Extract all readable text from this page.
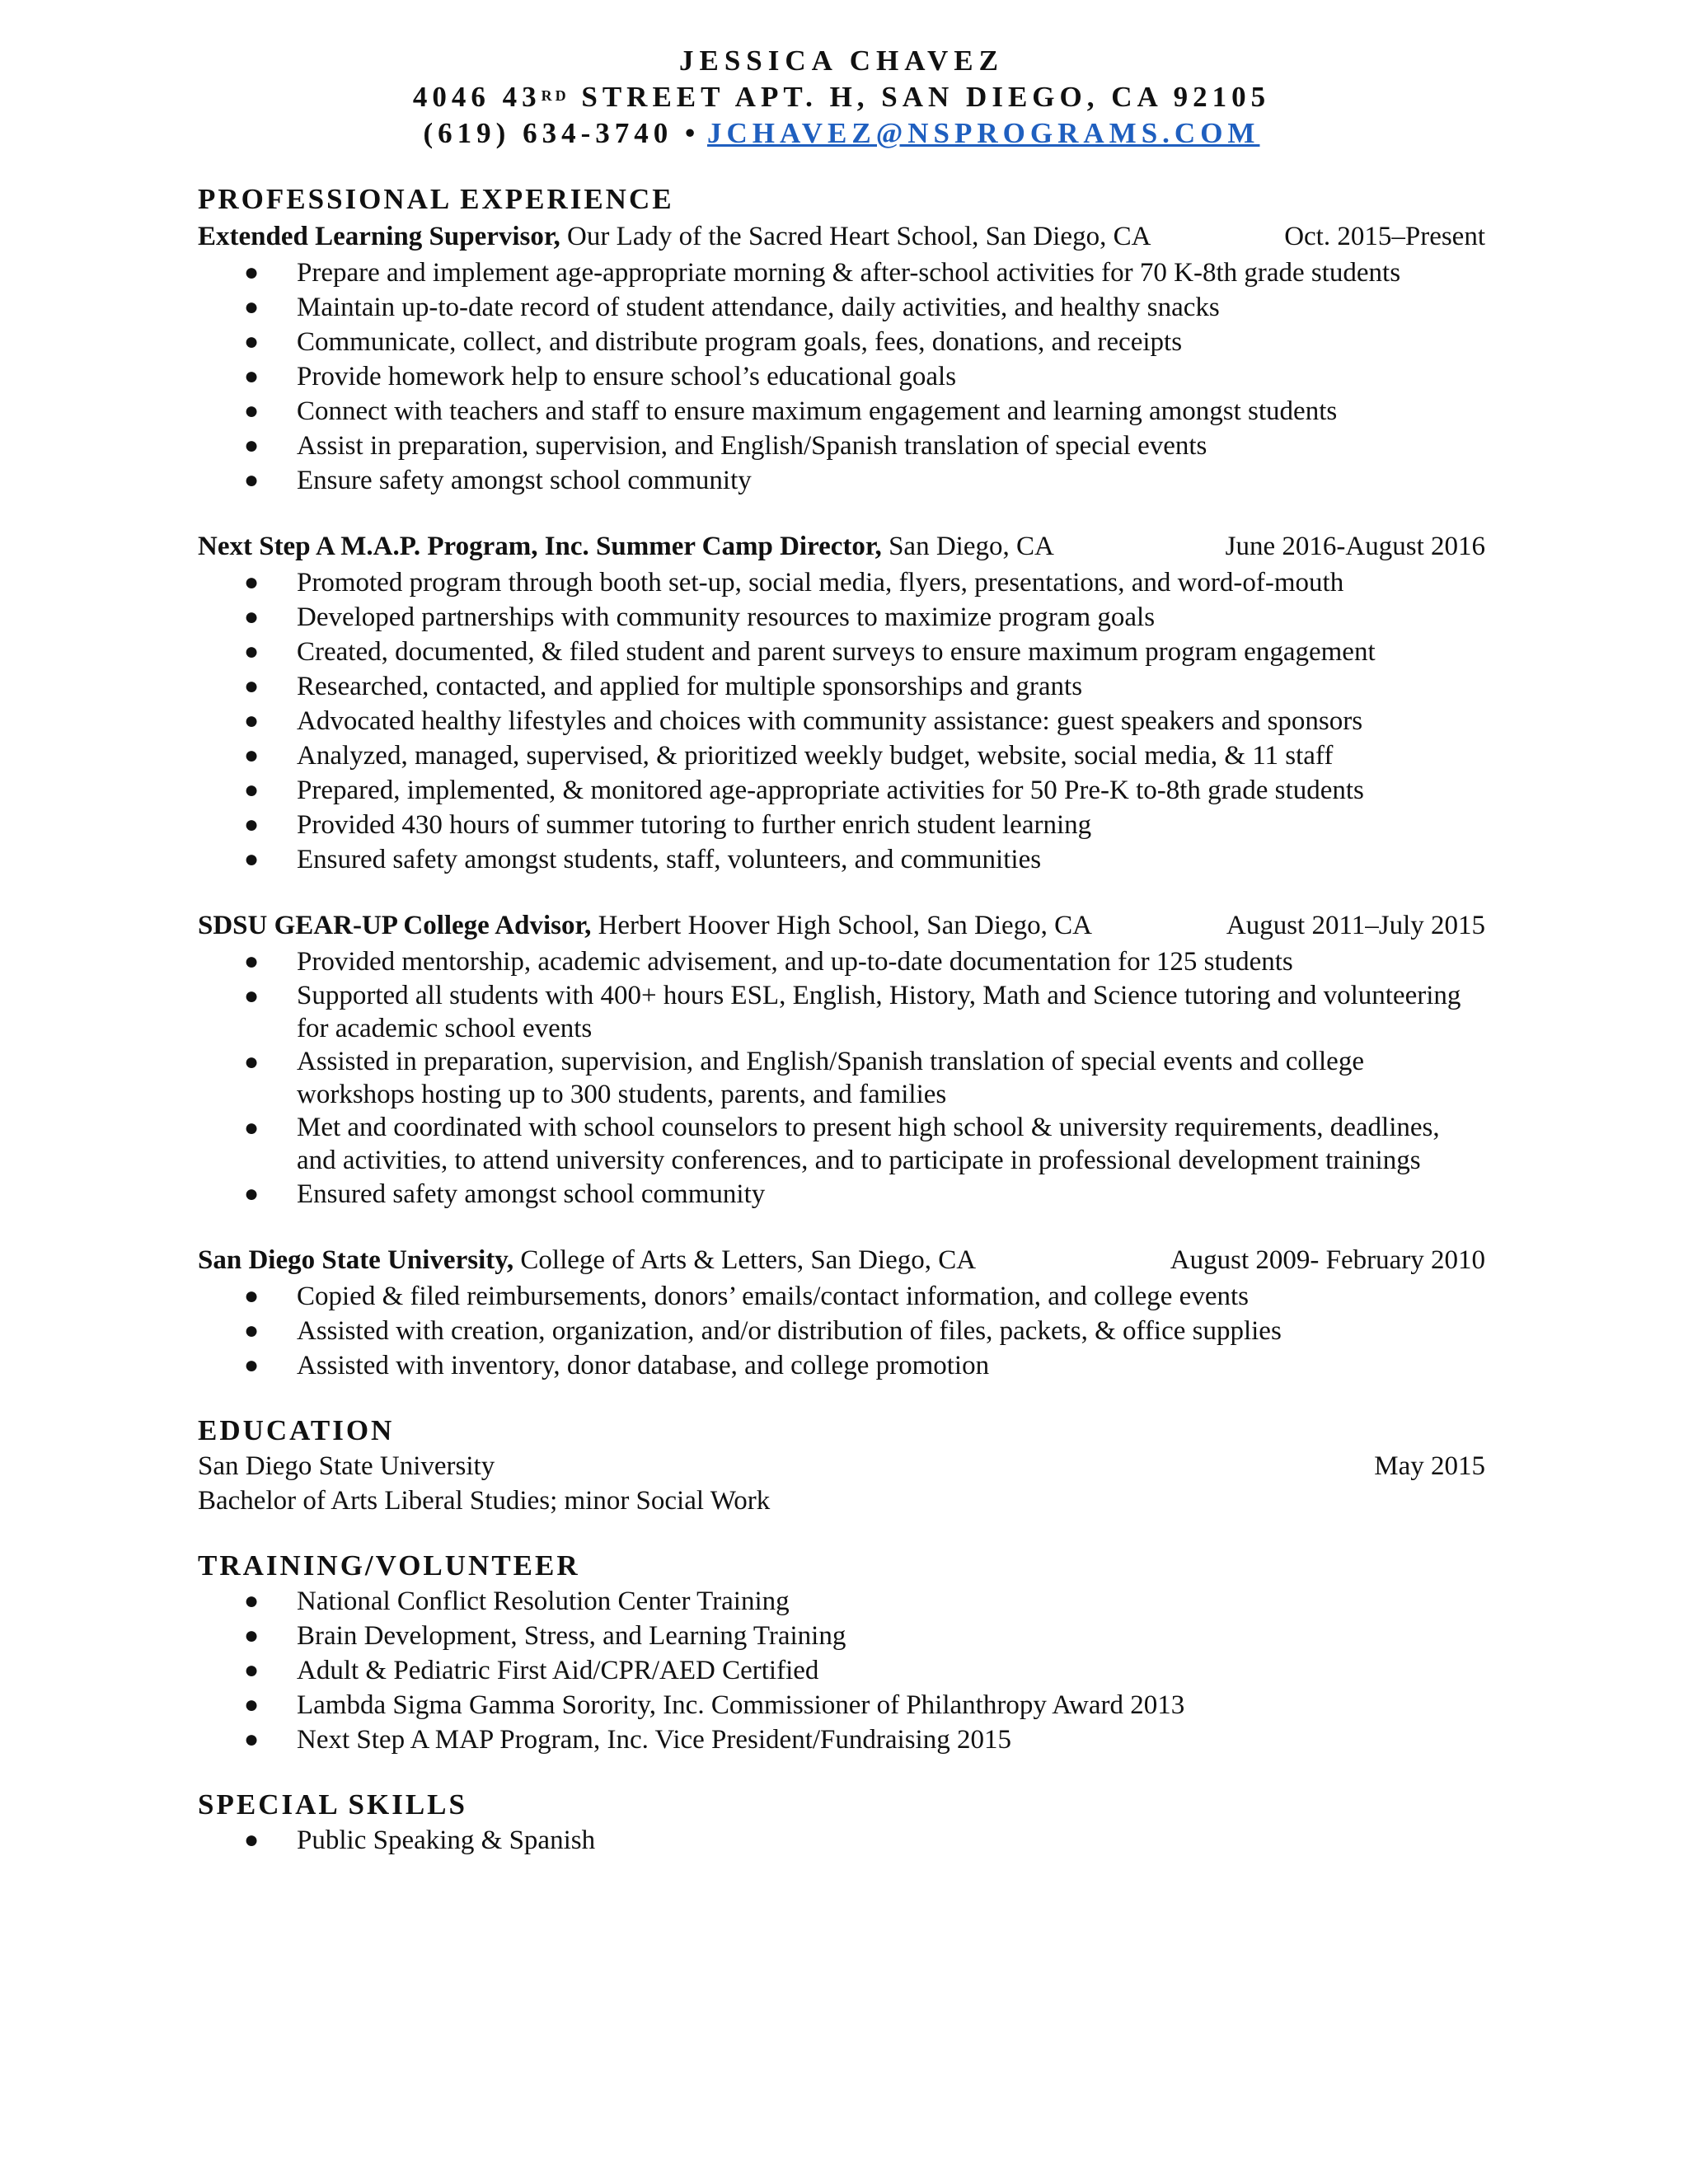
JESSICA CHAVEZ
4046 43RD STREET APT. H, SAN DIEGO, CA 92105
(619) 634-3740 • JCHAVEZ@NSPROGRAMS.COM
PROFESSIONAL EXPERIENCE
Extended Learning Supervisor, Our Lady of the Sacred Heart School, San Diego, CA	Oct. 2015–Present
● Prepare and implement age-appropriate morning & after-school activities for 70 K-8th grade students
● Maintain up-to-date record of student attendance, daily activities, and healthy snacks
● Communicate, collect, and distribute program goals, fees, donations, and receipts
● Provide homework help to ensure school’s educational goals
● Connect with teachers and staff to ensure maximum engagement and learning amongst students
● Assist in preparation, supervision, and English/Spanish translation of special events
● Ensure safety amongst school community
Next Step A M.A.P. Program, Inc. Summer Camp Director, San Diego, CA	June 2016-August 2016
● Promoted program through booth set-up, social media, flyers, presentations, and word-of-mouth
● Developed partnerships with community resources to maximize program goals
● Created, documented, & filed student and parent surveys to ensure maximum program engagement
● Researched, contacted, and applied for multiple sponsorships and grants
● Advocated healthy lifestyles and choices with community assistance: guest speakers and sponsors
● Analyzed, managed, supervised, & prioritized weekly budget, website, social media, & 11 staff
● Prepared, implemented, & monitored age-appropriate activities for 50 Pre-K to-8th grade students
● Provided 430 hours of summer tutoring to further enrich student learning
● Ensured safety amongst students, staff, volunteers, and communities
SDSU GEAR-UP College Advisor, Herbert Hoover High School, San Diego, CA	August 2011–July 2015
● Provided mentorship, academic advisement, and up-to-date documentation for 125 students
● Supported all students with 400+ hours ESL, English, History, Math and Science tutoring and volunteering for academic school events
● Assisted in preparation, supervision, and English/Spanish translation of special events and college workshops hosting up to 300 students, parents, and families
● Met and coordinated with school counselors to present high school & university requirements, deadlines, and activities, to attend university conferences, and to participate in professional development trainings
● Ensured safety amongst school community
San Diego State University, College of Arts & Letters, San Diego, CA	August 2009- February 2010
● Copied & filed reimbursements, donors’ emails/contact information, and college events
● Assisted with creation, organization, and/or distribution of files, packets, & office supplies
● Assisted with inventory, donor database, and college promotion
EDUCATION
San Diego State University	May 2015
Bachelor of Arts Liberal Studies; minor Social Work
TRAINING/VOLUNTEER
● National Conflict Resolution Center Training
● Brain Development, Stress, and Learning Training
● Adult & Pediatric First Aid/CPR/AED Certified
● Lambda Sigma Gamma Sorority, Inc. Commissioner of Philanthropy Award 2013
● Next Step A MAP Program, Inc. Vice President/Fundraising 2015
SPECIAL SKILLS
● Public Speaking & Spanish
